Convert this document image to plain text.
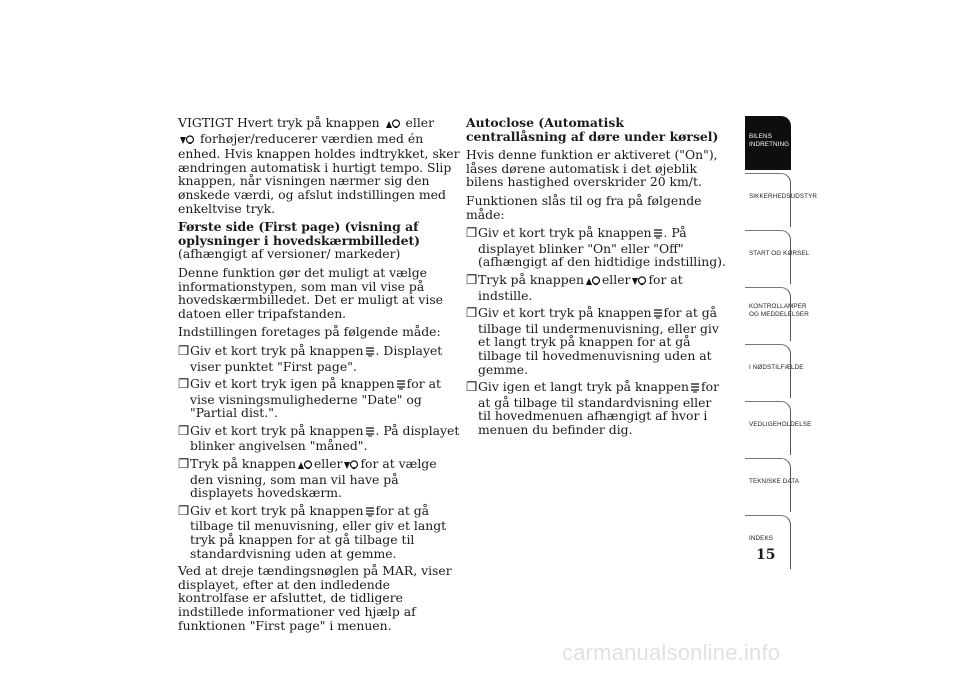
VIGTIGT Hvert tryk på knappen eller
forhøjer/reducerer værdien med én enhed. Hvis knappen holdes indtrykket, sker ændringen automatisk i hurtigt tempo. Slip knappen, når visningen nærmer sig den ønskede værdi, og afslut indstillingen med enkeltvise tryk.

Første side (First page) (visning af oplysninger i hovedskærmbilledet)(afhængigt af versioner/ markeder)

Denne funktion gør det muligt at vælge informationstypen, som man vil vise på hovedskærmbilledet. Det er muligt at vise datoen eller tripafstanden.

Indstillingen foretages på følgende måde:

❒ Giv et kort tryk på knappen . Displayet viser punktet "First page".
❒ Giv et kort tryk igen på knappen for at vise visningsmulighederne "Date" og "Partial dist.".
❒ Giv et kort tryk på knappen . På displayet blinker angivelsen "måned".
❒ Tryk på knappen eller for at vælge den visning, som man vil have på displayets hovedskærm.
❒ Giv et kort tryk på knappen for at gå tilbage til menuvisning, eller giv et langt tryk på knappen for at gå tilbage til standardvisning uden at gemme.

Ved at dreje tændingsnøglen på MAR, viser displayet, efter at den indledende kontrolfase er afsluttet, de tidligere indstillede informationer ved hjælp af funktionen "First page" i menuen.

Autoclose (Automatisk centrallåsning af døre under kørsel)

Hvis denne funktion er aktiveret ("On"), låses dørene automatisk i det øjeblik bilens hastighed overskrider 20 km/t.

Funktionen slås til og fra på følgende måde:

❒ Giv et kort tryk på knappen . På displayet blinker "On" eller "Off" (afhængigt af den hidtidige indstilling).
❒ Tryk på knappen eller for at indstille.
❒ Giv et kort tryk på knappen for at gå tilbage til undermenuvisning, eller giv et langt tryk på knappen for at gå tilbage til hovedmenuvisning uden at gemme.
❒ Giv igen et langt tryk på knappen for at gå tilbage til standardvisning eller til hovedmenuen afhængigt af hvor i menuen du befinder dig.
BILENS
INDRETNING
SIKKERHEDSUDSTYR
START OG KØRSEL
KONTROLLAMPER
OG MEDDELELSER
I NØDSTILFÆLDE
VEDLIGEHOLDELSE
TEKNISKE DATA
INDEKS
15
carmanualsonline.info
